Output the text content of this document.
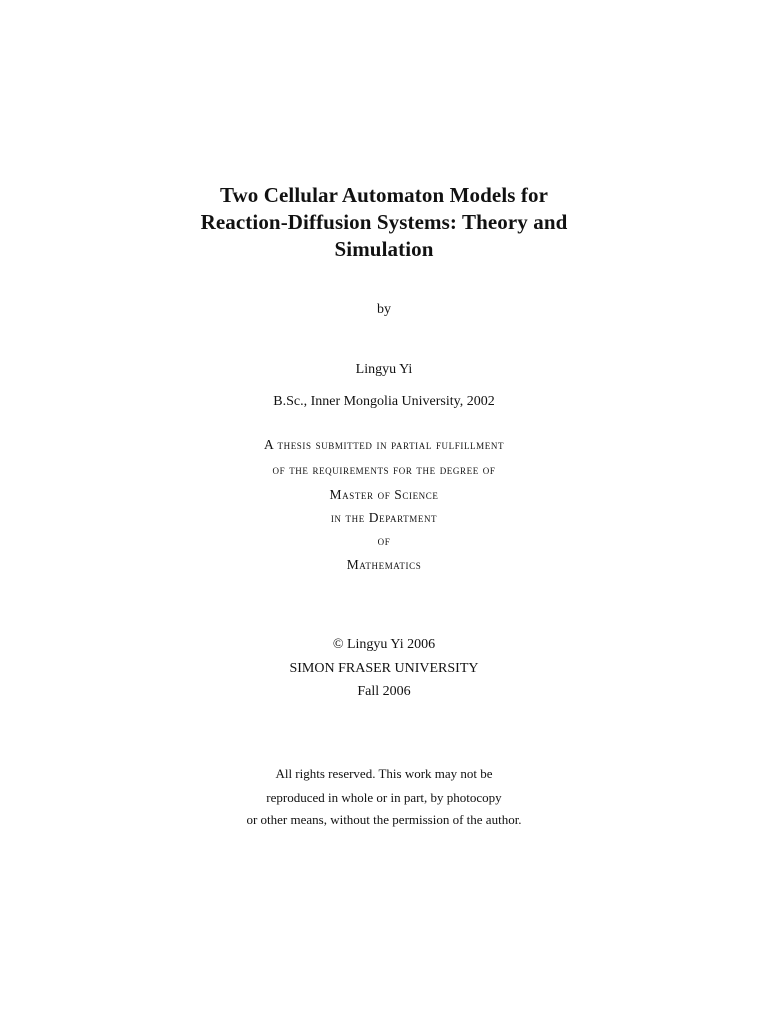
Two Cellular Automaton Models for
Reaction-Diffusion Systems: Theory and
Simulation
by
Lingyu Yi
B.Sc., Inner Mongolia University, 2002
A thesis submitted in partial fulfillment
of the requirements for the degree of
Master of Science
in the Department
of
Mathematics
© Lingyu Yi 2006
SIMON FRASER UNIVERSITY
Fall 2006
All rights reserved. This work may not be
reproduced in whole or in part, by photocopy
or other means, without the permission of the author.
